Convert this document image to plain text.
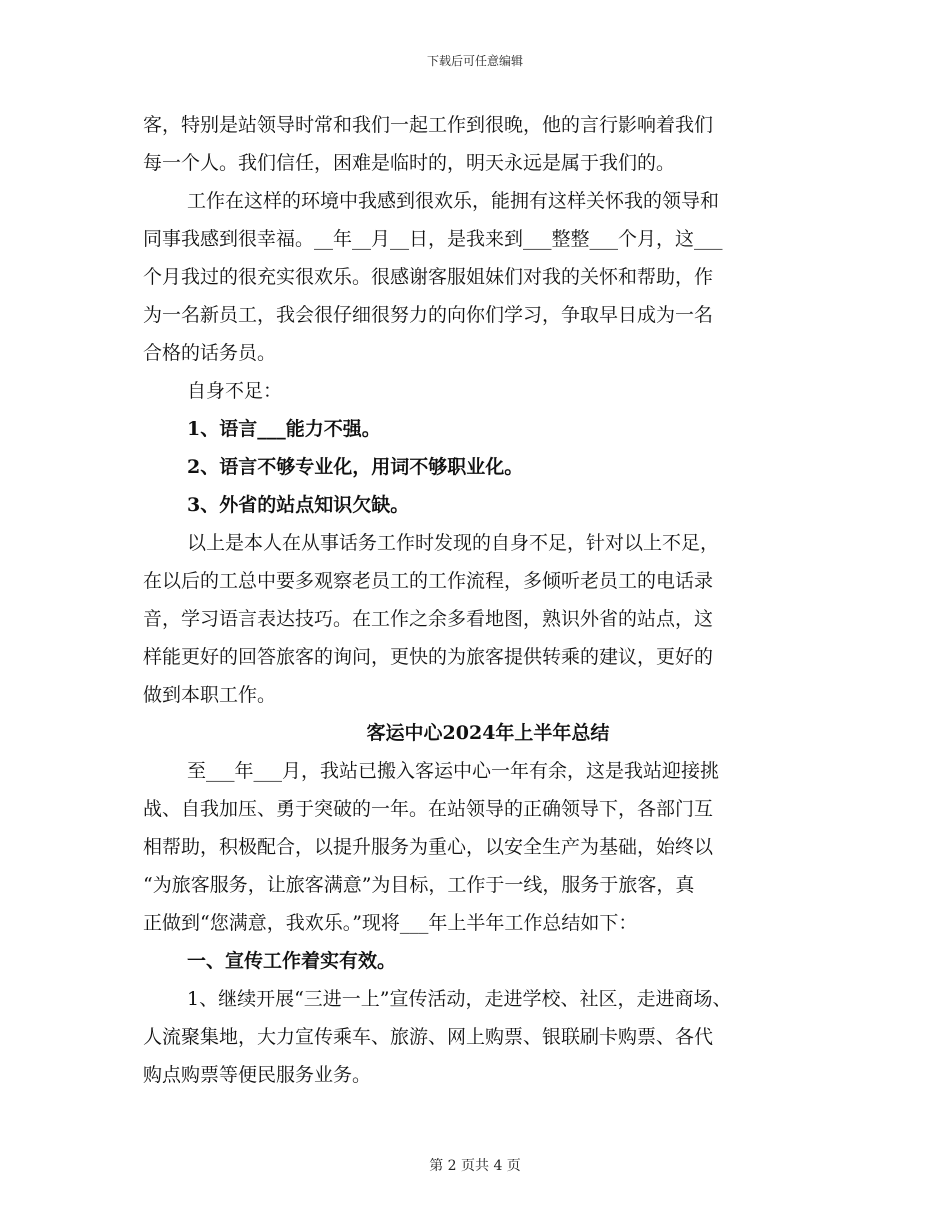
下载后可任意编辑
客，特别是站领导时常和我们一起工作到很晚，他的言行影响着我们
每一个人。我们信任，困难是临时的，明天永远是属于我们的。
工作在这样的环境中我感到很欢乐，能拥有这样关怀我的领导和
同事我感到很幸福。__年__月__日，是我来到___整整___个月，这___
个月我过的很充实很欢乐。很感谢客服姐妹们对我的关怀和帮助，作
为一名新员工，我会很仔细很努力的向你们学习，争取早日成为一名
合格的话务员。
自身不足：
1、语言___能力不强。
2、语言不够专业化，用词不够职业化。
3、外省的站点知识欠缺。
以上是本人在从事话务工作时发现的自身不足，针对以上不足，
在以后的工总中要多观察老员工的工作流程，多倾听老员工的电话录
音，学习语言表达技巧。在工作之余多看地图，熟识外省的站点，这
样能更好的回答旅客的询问，更快的为旅客提供转乘的建议，更好的
做到本职工作。
客运中心2024年上半年总结
至___年___月，我站已搬入客运中心一年有余，这是我站迎接挑
战、自我加压、勇于突破的一年。在站领导的正确领导下，各部门互
相帮助，积极配合，以提升服务为重心，以安全生产为基础，始终以
“为旅客服务，让旅客满意”为目标，工作于一线，服务于旅客，真
正做到“您满意，我欢乐。”现将___年上半年工作总结如下：
一、宣传工作着实有效。
1、继续开展“三进一上”宣传活动，走进学校、社区，走进商场、
人流聚集地，大力宣传乘车、旅游、网上购票、银联刷卡购票、各代
购点购票等便民服务业务。
第 2 页共 4 页
